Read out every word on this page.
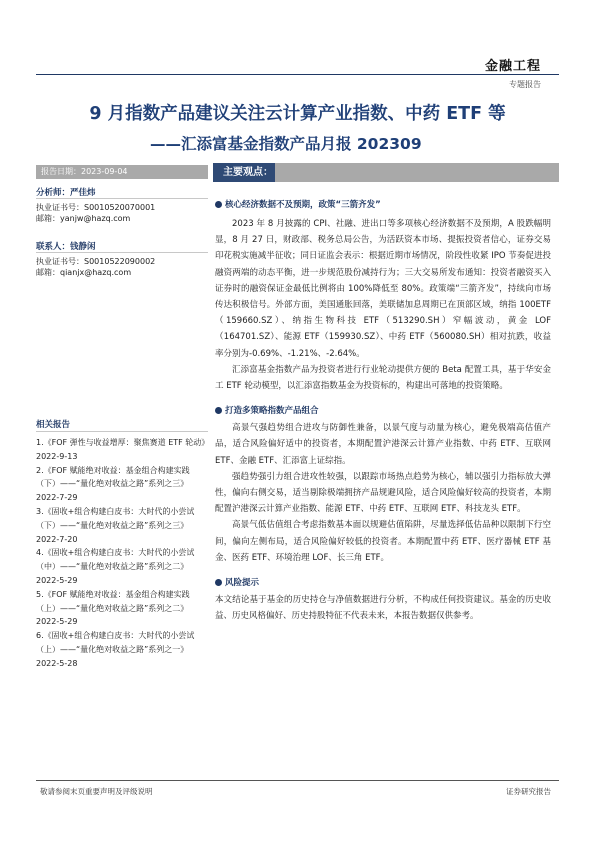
金融工程
专题报告
9 月指数产品建议关注云计算产业指数、中药 ETF 等
——汇添富基金指数产品月报 202309
报告日期：2023-09-04	主要观点：
分析师：严佳炜
执业证书号：S0010520070001
邮箱：yanjw@hazq.com
联系人：钱静闲
执业证书号：S0010522090002
邮箱：qianjx@hazq.com
相关报告
1.《FOF 弹性与收益增厚：聚焦赛道 ETF 轮动》2022-9-13
2.《FOF 赋能绝对收益：基金组合构建实践（下）——“量化绝对收益之路”系列之三》2022-7-29
3.《固收+组合构建白皮书：大时代的小尝试（下）——“量化绝对收益之路”系列之三》2022-7-20
4.《固收+组合构建白皮书：大时代的小尝试（中）——“量化绝对收益之路”系列之二》2022-5-29
5.《FOF 赋能绝对收益：基金组合构建实践（上）——“量化绝对收益之路”系列之二》2022-5-29
6.《固收+组合构建白皮书：大时代的小尝试（上）——“量化绝对收益之路”系列之一》2022-5-28
核心经济数据不及预期，政策“三箭齐发”

2023 年 8 月披露的 CPI、社融、进出口等多项核心经济数据不及预期，A 股跌幅明显，8 月 27 日，财政部、税务总局公告，为活跃资本市场、提振投资者信心，证券交易印花税实施减半征收；同日证监会表示：根据近期市场情况，阶段性收紧 IPO 节奏促进投融资两端的动态平衡，进一步规范股份减持行为；三大交易所发布通知：投资者融资买入证券时的融资保证金最低比例将由 100%降低至 80%。政策端“三箭齐发”，持续向市场传达积极信号。外部方面，美国通胀回落，美联储加息周期已在顶部区域，纳指 100ETF（159660.SZ）、纳指生物科技 ETF（513290.SH）窄幅波动，黄金 LOF（164701.SZ）、能源 ETF（159930.SZ）、中药 ETF（560080.SH）相对抗跌，收益率分别为-0.69%、-1.21%、-2.64%。

汇添富基金指数产品为投资者进行行业轮动提供方便的 Beta 配置工具，基于华安金工 ETF 轮动模型，以汇添富指数基金为投资标的，构建出可落地的投资策略。

打造多策略指数产品组合

高景气强趋势组合进攻与防御性兼备，以景气度与动量为核心，避免极端高估值产品，适合风险偏好适中的投资者，本期配置沪港深云计算产业指数、中药 ETF、互联网 ETF、金融 ETF、汇添富上证综指。

强趋势强引力组合进攻性较强，以跟踪市场热点趋势为核心，辅以强引力指标放大弹性，偏向右侧交易，适当剔除极端拥挤产品规避风险，适合风险偏好较高的投资者，本期配置沪港深云计算产业指数、能源 ETF、中药 ETF、互联网 ETF、科技龙头 ETF。

高景气低估值组合考虑指数基本面以规避估值陷阱，尽量选择低估品种以限制下行空间，偏向左侧布局，适合风险偏好较低的投资者。本期配置中药 ETF、医疗器械 ETF 基金、医药 ETF、环境治理 LOF、长三角 ETF。

风险提示

本文结论基于基金的历史持仓与净值数据进行分析，不构成任何投资建议。基金的历史收益、历史风格偏好、历史持股特征不代表未来，本报告数据仅供参考。

敬请参阅末页重要声明及评级说明	证券研究报告
